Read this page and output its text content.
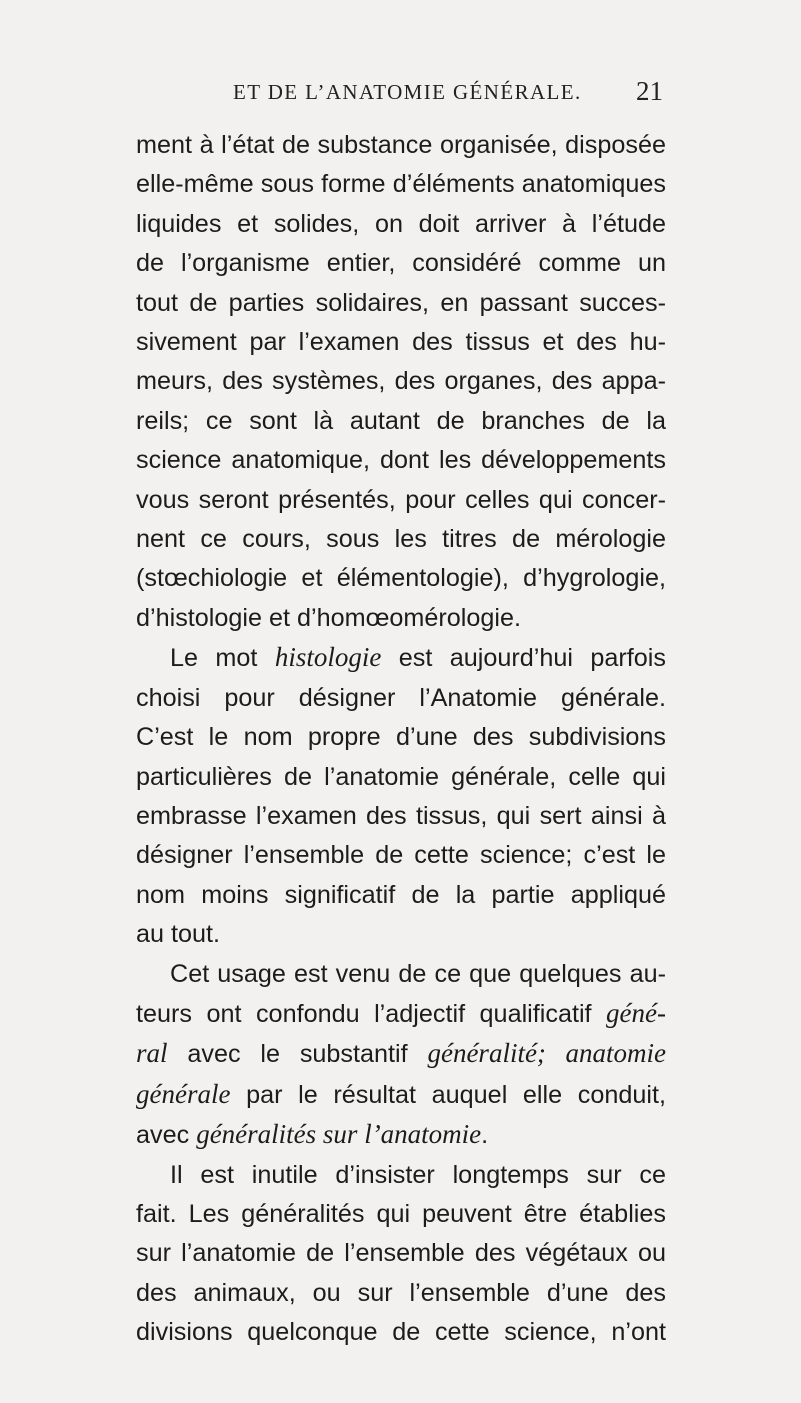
ET DE L’ANATOMIE GÉNÉRALE. 21
ment à l’état de substance organisée, disposée
elle-même sous forme d’éléments anatomiques
liquides et solides, on doit arriver à l’étude
de l’organisme entier, considéré comme un
tout de parties solidaires, en passant succes-
sivement par l’examen des tissus et des hu-
meurs, des systèmes, des organes, des appa-
reils; ce sont là autant de branches de la
science anatomique, dont les développements
vous seront présentés, pour celles qui concer-
nent ce cours, sous les titres de mérologie
(stœchiologie et élémentologie), d’hygrologie,
d’histologie et d’homœomérologie.
Le mot histologie est aujourd’hui parfois
choisi pour désigner l’Anatomie générale.
C’est le nom propre d’une des subdivisions
particulières de l’anatomie générale, celle qui
embrasse l’examen des tissus, qui sert ainsi à
désigner l’ensemble de cette science; c’est le
nom moins significatif de la partie appliqué
au tout.
Cet usage est venu de ce que quelques au-
teurs ont confondu l’adjectif qualificatif géné-
ral avec le substantif généralité; anatomie
générale par le résultat auquel elle conduit,
avec généralités sur l’anatomie.
Il est inutile d’insister longtemps sur ce
fait. Les généralités qui peuvent être établies
sur l’anatomie de l’ensemble des végétaux ou
des animaux, ou sur l’ensemble d’une des
divisions quelconque de cette science, n’ont
